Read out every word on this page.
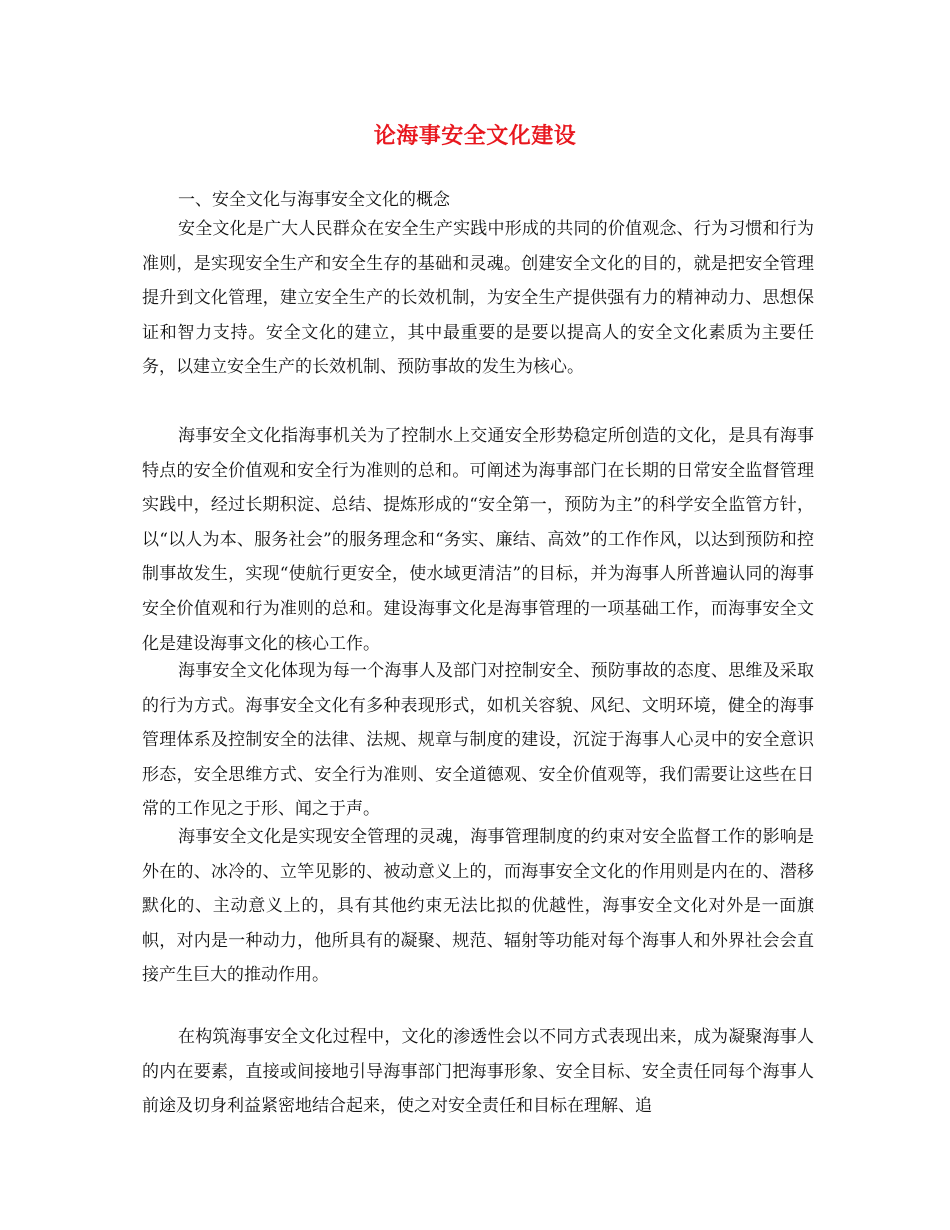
论海事安全文化建设
一、安全文化与海事安全文化的概念
安全文化是广大人民群众在安全生产实践中形成的共同的价值观念、行为习惯和行为准则，是实现安全生产和安全生存的基础和灵魂。创建安全文化的目的，就是把安全管理提升到文化管理，建立安全生产的长效机制，为安全生产提供强有力的精神动力、思想保证和智力支持。安全文化的建立，其中最重要的是要以提高人的安全文化素质为主要任务，以建立安全生产的长效机制、预防事故的发生为核心。
海事安全文化指海事机关为了控制水上交通安全形势稳定所创造的文化，是具有海事特点的安全价值观和安全行为准则的总和。可阐述为海事部门在长期的日常安全监督管理实践中，经过长期积淀、总结、提炼形成的“安全第一，预防为主”的科学安全监管方针，以“以人为本、服务社会”的服务理念和“务实、廉结、高效”的工作作风，以达到预防和控制事故发生，实现“使航行更安全，使水域更清洁”的目标，并为海事人所普遍认同的海事安全价值观和行为准则的总和。建设海事文化是海事管理的一项基础工作，而海事安全文化是建设海事文化的核心工作。
海事安全文化体现为每一个海事人及部门对控制安全、预防事故的态度、思维及采取的行为方式。海事安全文化有多种表现形式，如机关容貌、风纪、文明环境，健全的海事管理体系及控制安全的法律、法规、规章与制度的建设，沉淀于海事人心灵中的安全意识形态，安全思维方式、安全行为准则、安全道德观、安全价值观等，我们需要让这些在日常的工作见之于形、闻之于声。
海事安全文化是实现安全管理的灵魂，海事管理制度的约束对安全监督工作的影响是外在的、冰冷的、立竿见影的、被动意义上的，而海事安全文化的作用则是内在的、潜移默化的、主动意义上的，具有其他约束无法比拟的优越性，海事安全文化对外是一面旗帜，对内是一种动力，他所具有的凝聚、规范、辐射等功能对每个海事人和外界社会会直接产生巨大的推动作用。
在构筑海事安全文化过程中，文化的渗透性会以不同方式表现出来，成为凝聚海事人的内在要素，直接或间接地引导海事部门把海事形象、安全目标、安全责任同每个海事人前途及切身利益紧密地结合起来，使之对安全责任和目标在理解、追
